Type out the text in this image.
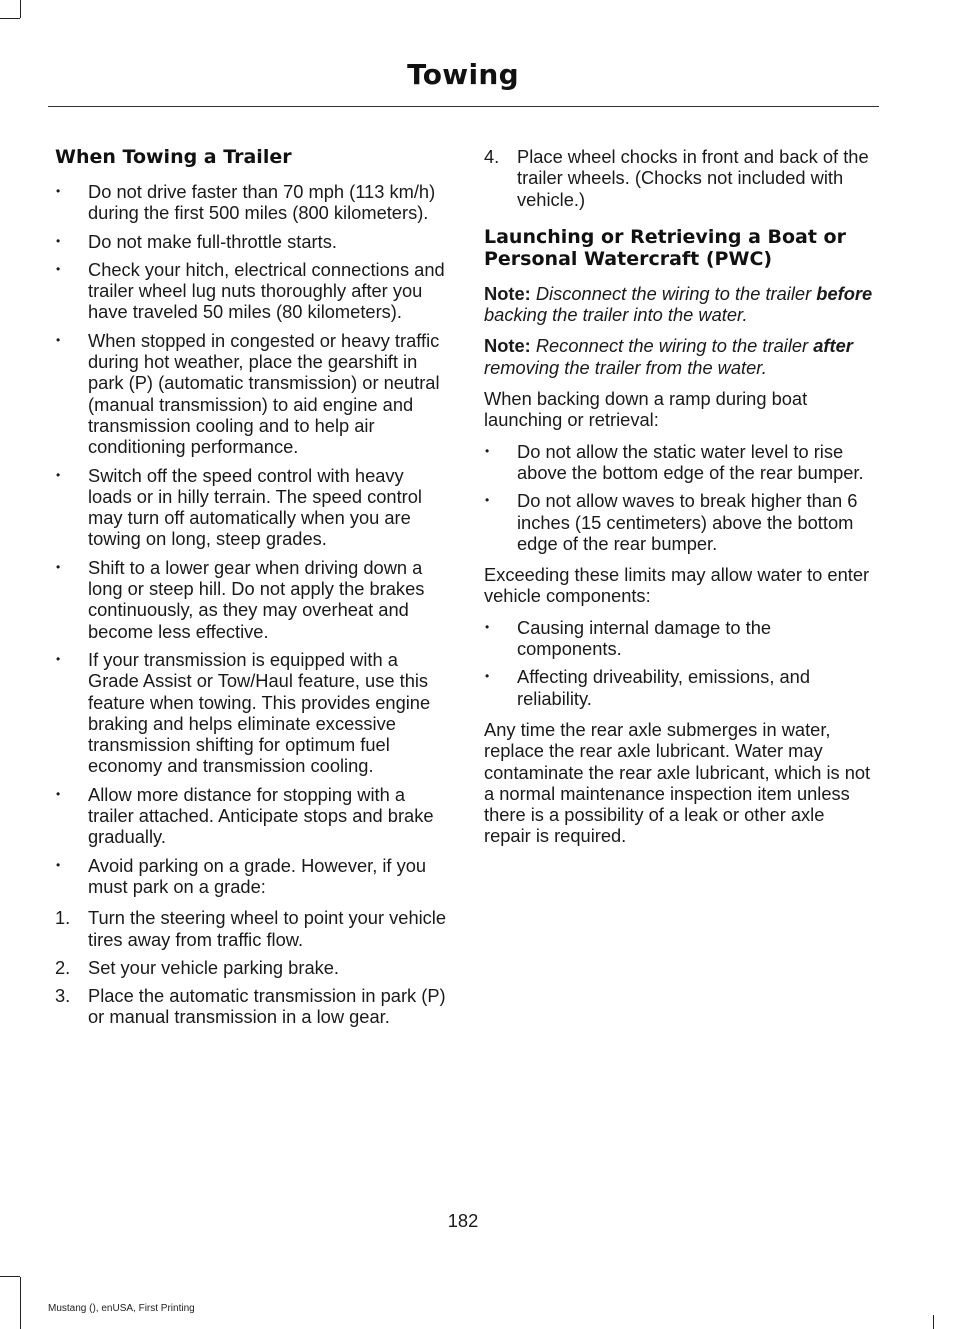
Towing
When Towing a Trailer
• Do not drive faster than 70 mph (113 km/h) during the first 500 miles (800 kilometers).
• Do not make full-throttle starts.
• Check your hitch, electrical connections and trailer wheel lug nuts thoroughly after you have traveled 50 miles (80 kilometers).
• When stopped in congested or heavy traffic during hot weather, place the gearshift in park (P) (automatic transmission) or neutral (manual transmission) to aid engine and transmission cooling and to help air conditioning performance.
• Switch off the speed control with heavy loads or in hilly terrain. The speed control may turn off automatically when you are towing on long, steep grades.
• Shift to a lower gear when driving down a long or steep hill. Do not apply the brakes continuously, as they may overheat and become less effective.
• If your transmission is equipped with a Grade Assist or Tow/Haul feature, use this feature when towing. This provides engine braking and helps eliminate excessive transmission shifting for optimum fuel economy and transmission cooling.
• Allow more distance for stopping with a trailer attached. Anticipate stops and brake gradually.
• Avoid parking on a grade. However, if you must park on a grade:
1. Turn the steering wheel to point your vehicle tires away from traffic flow.
2. Set your vehicle parking brake.
3. Place the automatic transmission in park (P) or manual transmission in a low gear.
4. Place wheel chocks in front and back of the trailer wheels. (Chocks not included with vehicle.)
Launching or Retrieving a Boat or Personal Watercraft (PWC)

Note: Disconnect the wiring to the trailer before backing the trailer into the water.

Note: Reconnect the wiring to the trailer after removing the trailer from the water.

When backing down a ramp during boat launching or retrieval:

• Do not allow the static water level to rise above the bottom edge of the rear bumper.
• Do not allow waves to break higher than 6 inches (15 centimeters) above the bottom edge of the rear bumper.

Exceeding these limits may allow water to enter vehicle components:

• Causing internal damage to the components.
• Affecting driveability, emissions, and reliability.

Any time the rear axle submerges in water, replace the rear axle lubricant. Water may contaminate the rear axle lubricant, which is not a normal maintenance inspection item unless there is a possibility of a leak or other axle repair is required.

182
Mustang (), enUSA, First Printing
